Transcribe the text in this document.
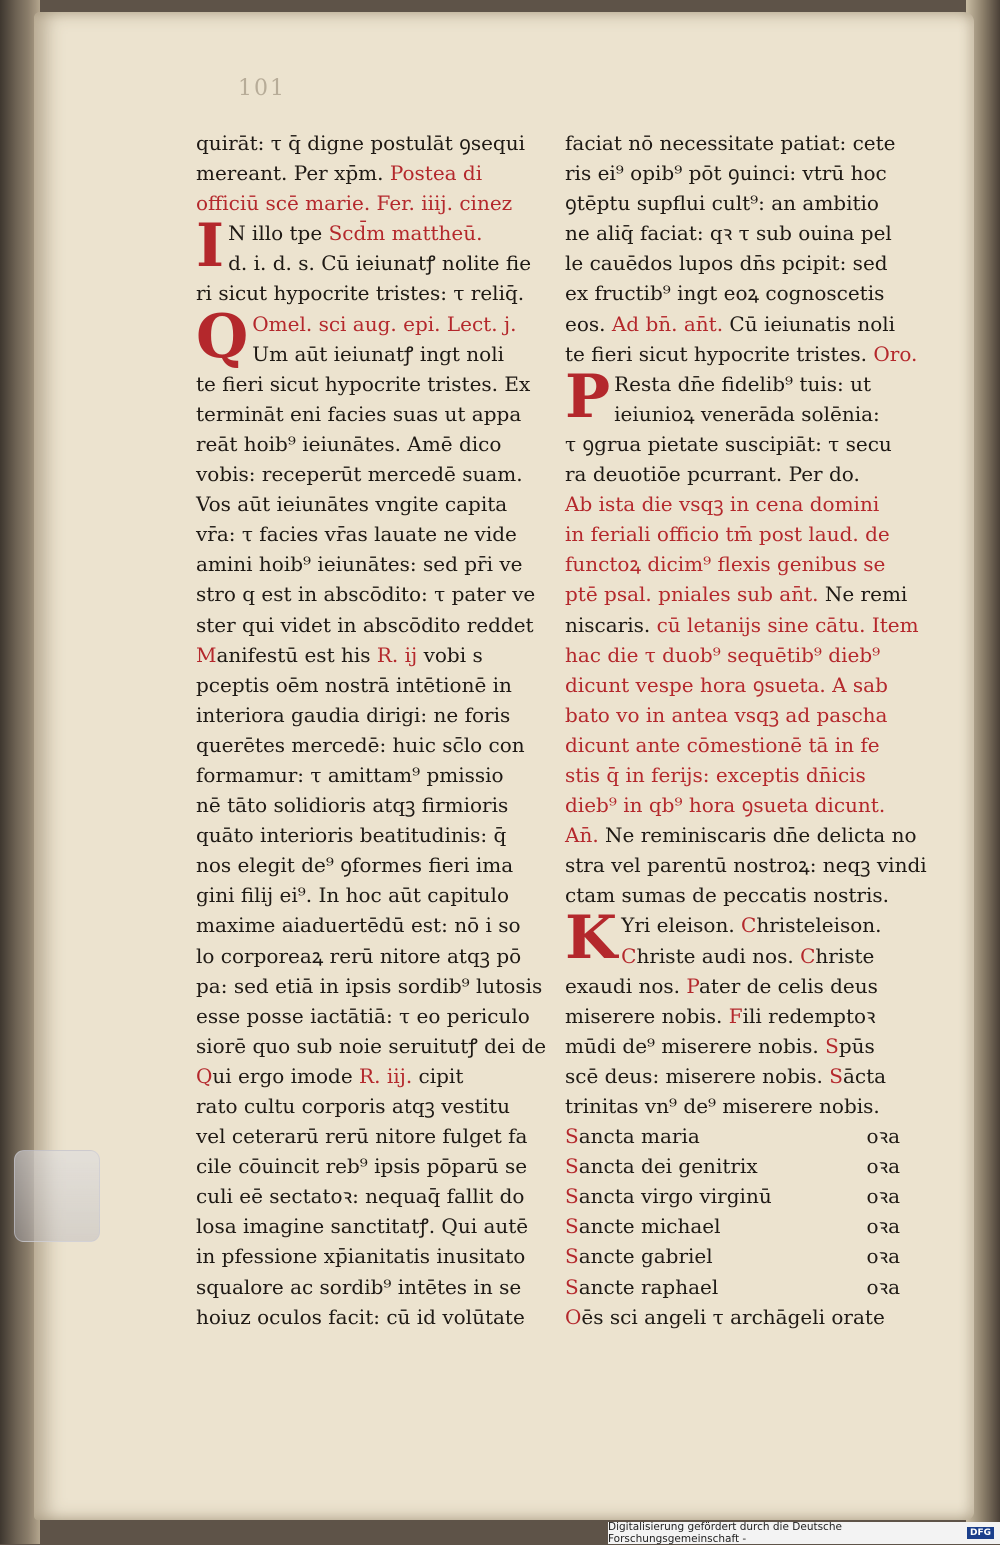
101
quirāt: τ q̄ digne postulāt ꝯsequi
mereant. Per xp̄m. Postea di
officiū scē marie. Fer. iiij. cinez
I N illo tpe Scd̄m mattheū.
d. i. d. s. Cū ieiunatꝭ nolite fie
ri sicut hypocrite tristes: τ reliq̄.
Q Omel. sci aug. epi. Lect. j.
Um aūt ieiunatꝭ ingt noli
te fieri sicut hypocrite tristes. Ex
termināt eni facies suas ut appa
reāt hoib⁹ ieiunātes. Amē dico
vobis: receperūt mercedē suam.
Vos aūt ieiunātes vngite capita
vr̄a: τ facies vr̄as lauate ne vide
amini hoib⁹ ieiunātes: sed pr̄i ve
stro q est in abscōdito: τ pater ve
ster qui videt in abscōdito reddet
Manifestū est his R. ij vobi s
pceptis oēm nostrā intētionē in
interiora gaudia dirigi: ne foris
querētes mercedē: huic sc̄lo con
formamur: τ amittam⁹ pmissio
nē tāto solidioris atqꝫ firmioris
quāto interioris beatitudinis: q̄
nos elegit de⁹ ꝯformes fieri ima
gini filij ei⁹. In hoc aūt capitulo
maxime aiaduertēdū est: nō i so
lo corporeaꝝ rerū nitore atqꝫ pō
pa: sed etiā in ipsis sordib⁹ lutosis
esse posse iactātiā: τ eo periculo
siorē quo sub noie seruitutꝭ dei de
Qui ergo imode R. iij. cipit
rato cultu corporis atqꝫ vestitu
vel ceterarū rerū nitore fulget fa
cile cōuincit reb⁹ ipsis pōparū se
culi eē sectatoꝛ: nequaq̄ fallit do
losa imagine sanctitatꝭ. Qui autē
in pfessione xp̄ianitatis inusitato
squalore ac sordib⁹ intētes in se
hoiuz oculos facit: cū id volūtate
faciat nō necessitate patiat: cete
ris ei⁹ opib⁹ pōt ꝯuinci: vtrū hoc
ꝯtēptu supflui cult⁹: an ambitio
ne aliq̄ faciat: qꝛ τ sub ouina pel
le cauēdos lupos dn̄s pcipit: sed
ex fructib⁹ ingt eoꝝ cognoscetis
eos. Ad bn̄. an̄t. Cū ieiunatis noli
te fieri sicut hypocrite tristes. Oro.
P Resta dn̄e fidelib⁹ tuis: ut
ieiunioꝝ venerāda solēnia:
τ ꝯgrua pietate suscipiāt: τ secu
ra deuotiōe pcurrant. Per do.
Ab ista die vsqꝫ in cena domini
in feriali officio tm̄ post laud. de
functoꝝ dicim⁹ flexis genibus se
ptē psal. pniales sub an̄t. Ne remi
niscaris. cū letanijs sine cātu. Item
hac die τ duob⁹ sequētib⁹ dieb⁹
dicunt vespe hora ꝯsueta. A sab
bato vo in antea vsqꝫ ad pascha
dicunt ante cōmestionē tā in fe
stis q̄ in ferijs: exceptis dn̄icis
dieb⁹ in qb⁹ hora ꝯsueta dicunt.
An̄. Ne reminiscaris dn̄e delicta no
stra vel parentū nostroꝝ: neqꝫ vindi
ctam sumas de peccatis nostris.
K Yri eleison. Christeleison.
Christe audi nos. Christe
exaudi nos. Pater de celis deus
miserere nobis. Fili redemptoꝛ
mūdi de⁹ miserere nobis. Spūs
scē deus: miserere nobis. Sācta
trinitas vn⁹ de⁹ miserere nobis.
Sancta maria	oꝛa
Sancta dei genitrix	oꝛa
Sancta virgo virginū	oꝛa
Sancte michael	oꝛa
Sancte gabriel	oꝛa
Sancte raphael	oꝛa
Oēs sci angeli τ archāgeli orate
Digitalisierung gefördert durch die Deutsche Forschungsgemeinschaft -	DFG
